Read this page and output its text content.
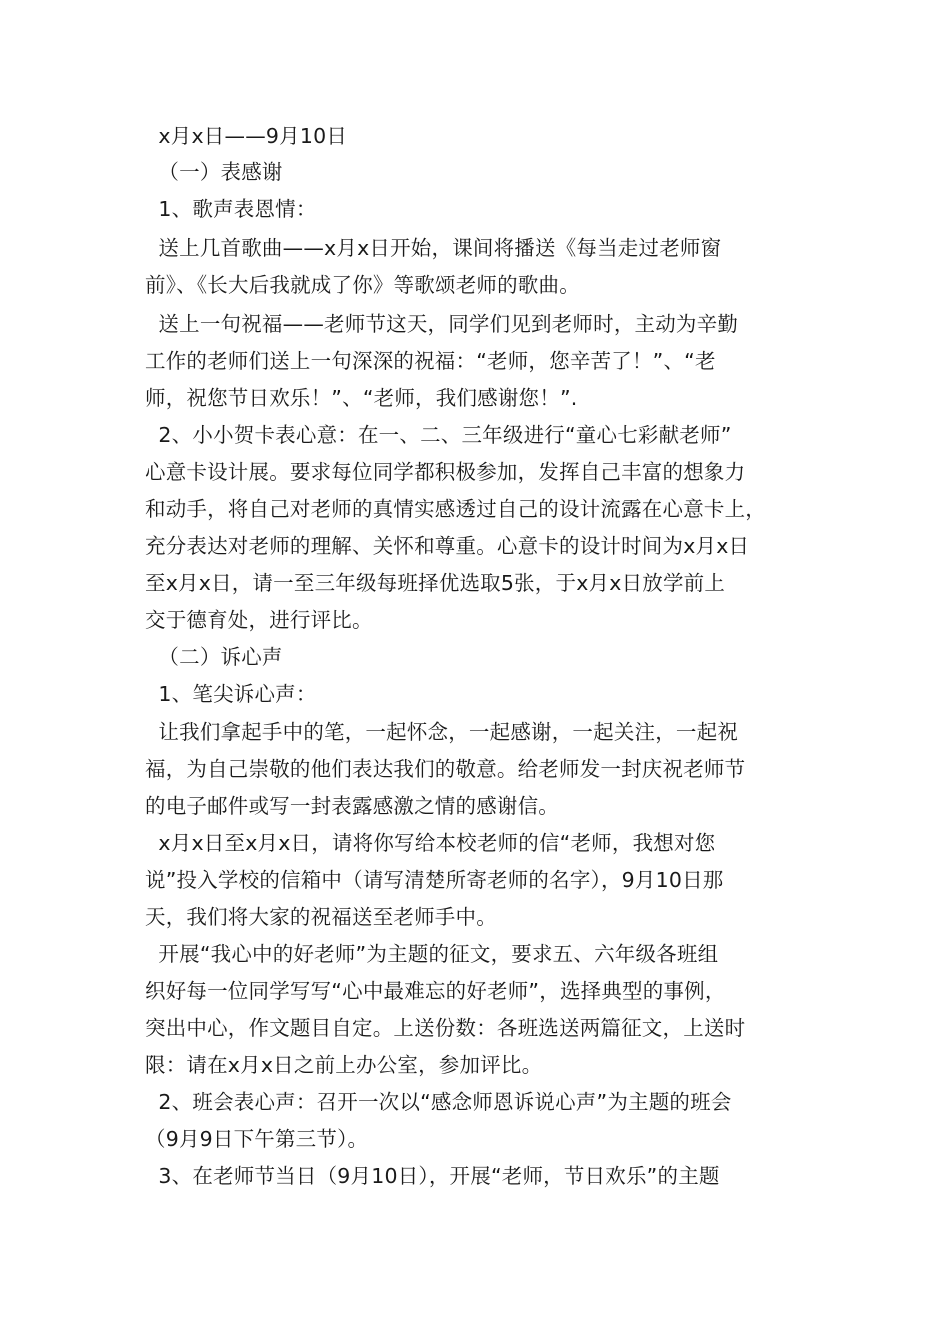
x月x日——9月10日
（一）表感谢
1、歌声表恩情：
送上几首歌曲——x月x日开始，课间将播送《每当走过老师窗
前》、《长大后我就成了你》等歌颂老师的歌曲。
送上一句祝福——老师节这天，同学们见到老师时，主动为辛勤
工作的老师们送上一句深深的祝福：“老师，您辛苦了！”、“老
师，祝您节日欢乐！”、“老师，我们感谢您！”.
2、小小贺卡表心意：在一、二、三年级进行“童心七彩献老师”
心意卡设计展。要求每位同学都积极参加，发挥自己丰富的想象力
和动手，将自己对老师的真情实感透过自己的设计流露在心意卡上，
充分表达对老师的理解、关怀和尊重。心意卡的设计时间为x月x日
至x月x日，请一至三年级每班择优选取5张，于x月x日放学前上
交于德育处，进行评比。
（二）诉心声
1、笔尖诉心声：
让我们拿起手中的笔，一起怀念，一起感谢，一起关注，一起祝
福，为自己崇敬的他们表达我们的敬意。给老师发一封庆祝老师节
的电子邮件或写一封表露感激之情的感谢信。
x月x日至x月x日，请将你写给本校老师的信“老师，我想对您
说”投入学校的信箱中（请写清楚所寄老师的名字），9月10日那
天，我们将大家的祝福送至老师手中。
开展“我心中的好老师”为主题的征文，要求五、六年级各班组
织好每一位同学写写“心中最难忘的好老师”，选择典型的事例，
突出中心，作文题目自定。上送份数：各班选送两篇征文，上送时
限：请在x月x日之前上办公室，参加评比。
2、班会表心声：召开一次以“感念师恩诉说心声”为主题的班会
（9月9日下午第三节）。
3、在老师节当日（9月10日），开展“老师，节日欢乐”的主题
